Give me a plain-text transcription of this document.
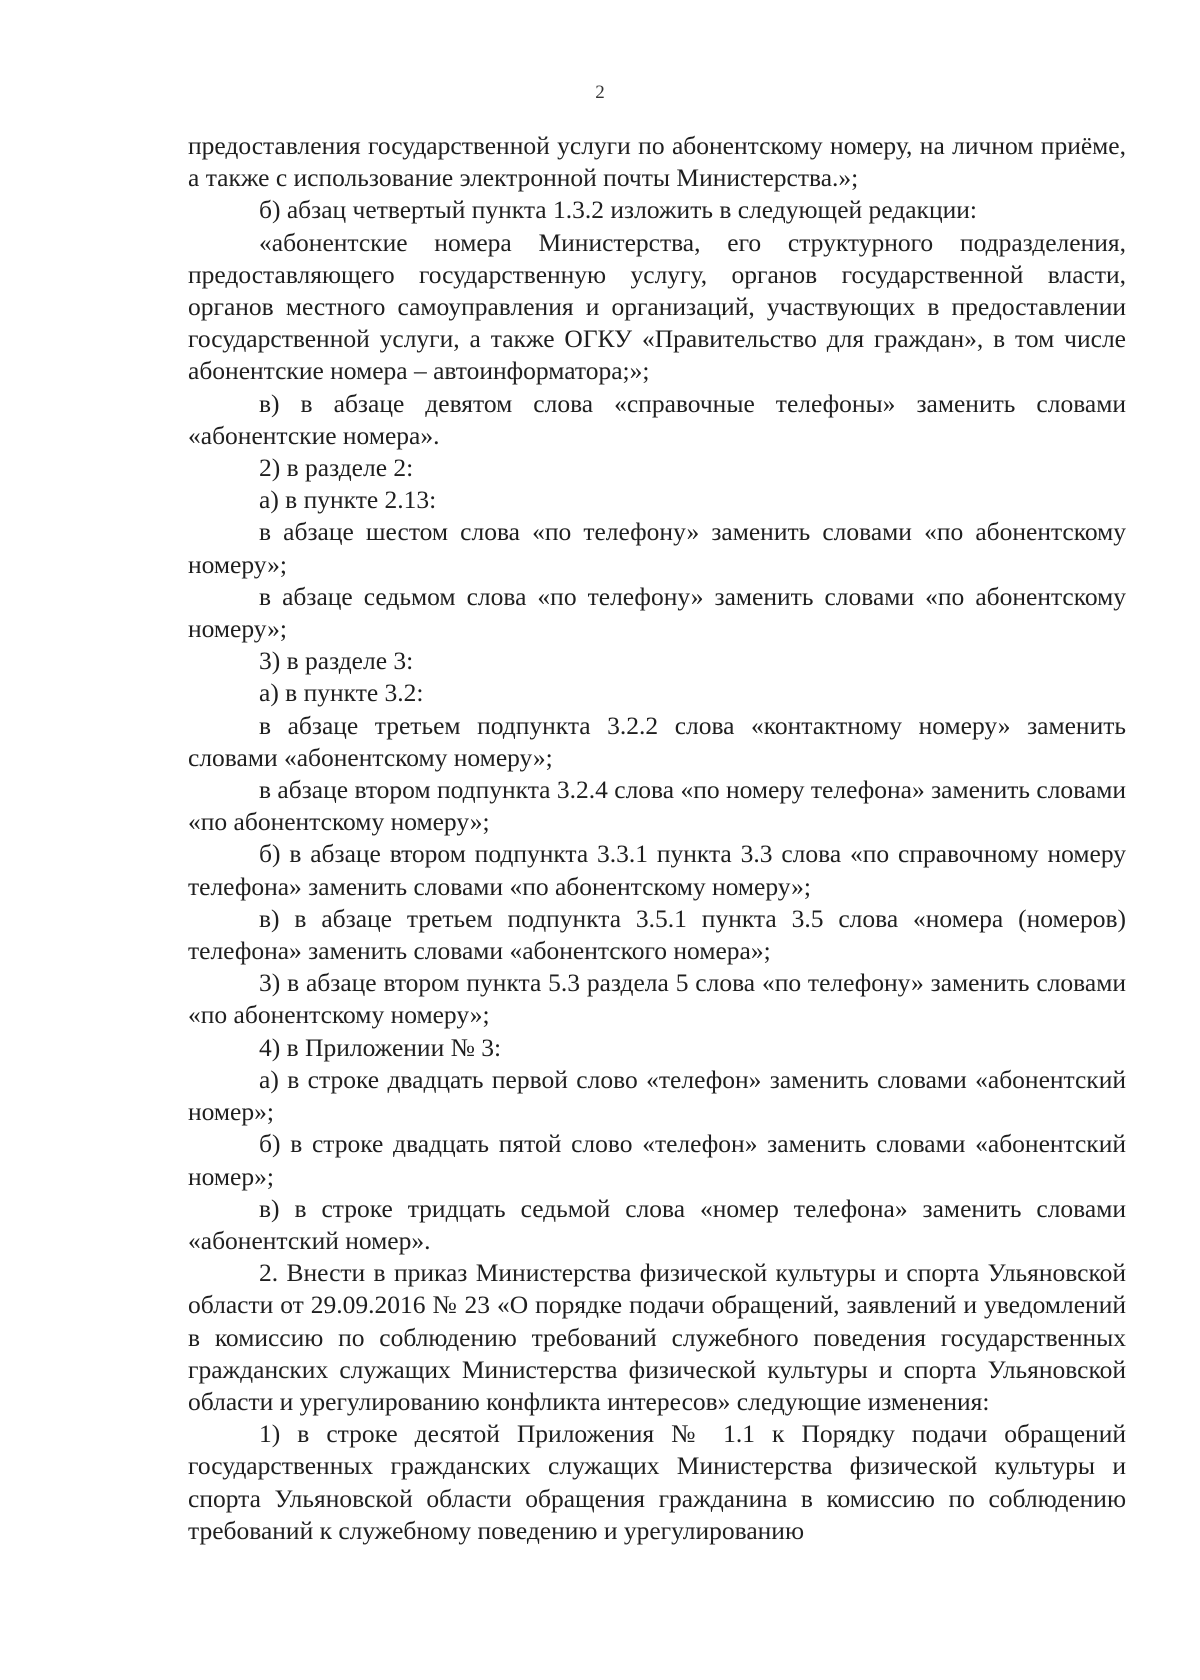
2

предоставления государственной услуги по абонентскому номеру, на личном приёме, а также с использование электронной почты Министерства.»;

б) абзац четвертый пункта 1.3.2 изложить в следующей редакции:

«абонентские номера Министерства, его структурного подразделения, предоставляющего государственную услугу, органов государственной власти, органов местного самоуправления и организаций, участвующих в предоставлении государственной услуги, а также ОГКУ «Правительство для граждан», в том числе абонентские номера – автоинформатора;»;

в) в абзаце девятом слова «справочные телефоны» заменить словами «абонентские номера».

2) в разделе 2:

а) в пункте 2.13:

в абзаце шестом слова «по телефону» заменить словами «по абонентскому номеру»;

в абзаце седьмом слова «по телефону» заменить словами «по абонентскому номеру»;

3) в разделе 3:

а) в пункте 3.2:

в абзаце третьем подпункта 3.2.2 слова «контактному номеру» заменить словами «абонентскому номеру»;

в абзаце втором подпункта 3.2.4 слова «по номеру телефона» заменить словами «по абонентскому номеру»;

б) в абзаце втором подпункта 3.3.1 пункта 3.3 слова «по справочному номеру телефона» заменить словами «по абонентскому номеру»;

в) в абзаце третьем подпункта 3.5.1 пункта 3.5 слова «номера (номеров) телефона» заменить словами «абонентского номера»;

3) в абзаце втором пункта 5.3 раздела 5 слова «по телефону» заменить словами «по абонентскому номеру»;

4) в Приложении № 3:

а) в строке двадцать первой слово «телефон» заменить словами «абонентский номер»;

б) в строке двадцать пятой слово «телефон» заменить словами «абонентский номер»;

в) в строке тридцать седьмой слова «номер телефона» заменить словами «абонентский номер».

2. Внести в приказ Министерства физической культуры и спорта Ульяновской области от 29.09.2016 № 23 «О порядке подачи обращений, заявлений и уведомлений в комиссию по соблюдению требований служебного поведения государственных гражданских служащих Министерства физической культуры и спорта Ульяновской области и урегулированию конфликта интересов» следующие изменения:

1) в строке десятой Приложения № 1.1 к Порядку подачи обращений государственных гражданских служащих Министерства физической культуры и спорта Ульяновской области обращения гражданина в комиссию по соблюдению требований к служебному поведению и урегулированию
